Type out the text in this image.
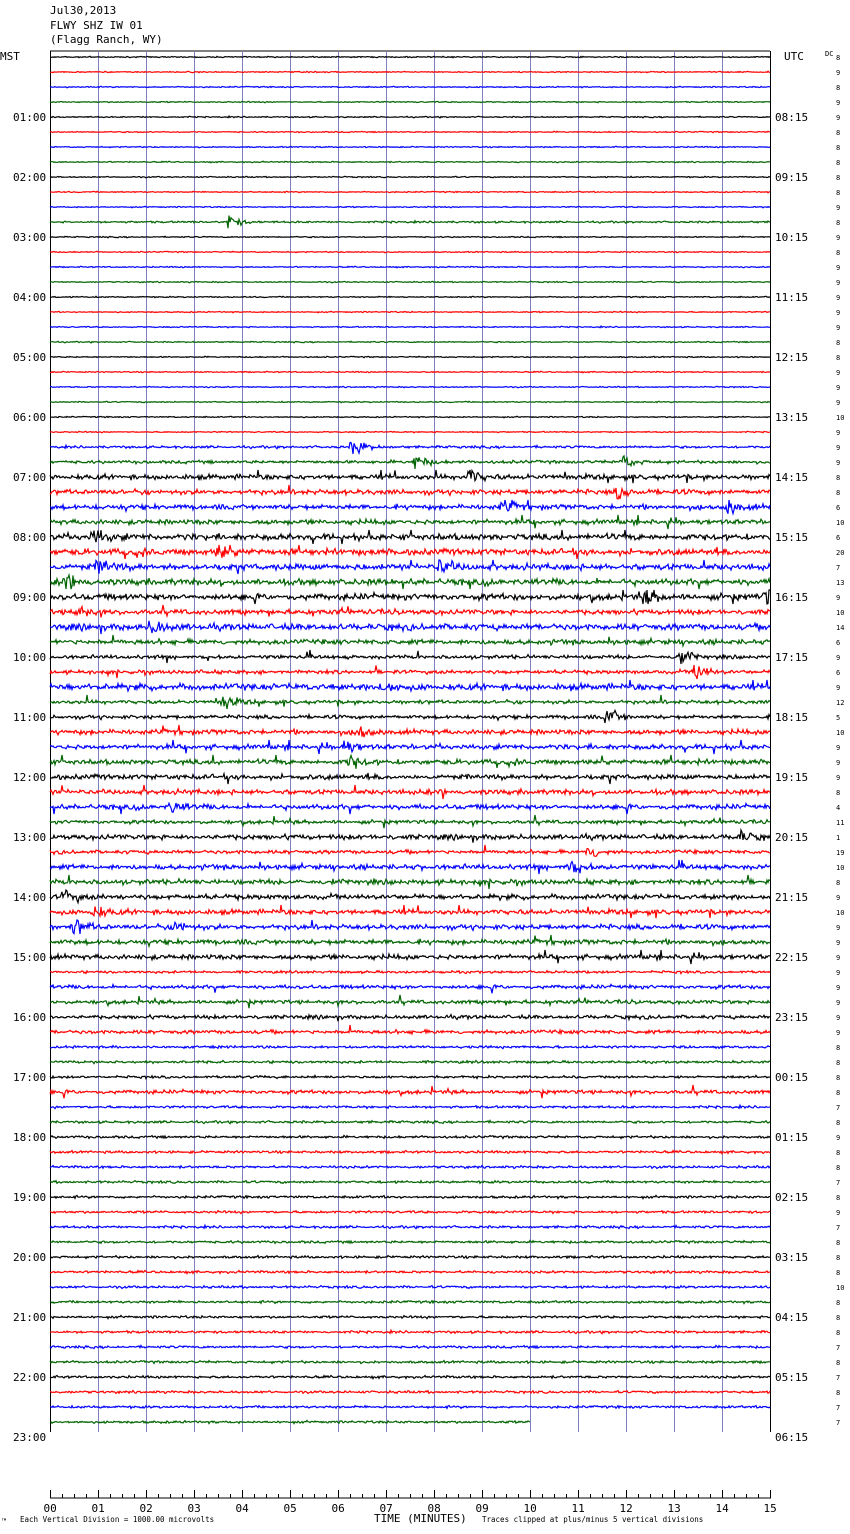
Jul30,2013
FLWY SHZ IW 01
(Flagg Ranch, WY)
MST	UTC	DC
01:00
02:00
03:00
04:00
05:00
06:00
07:00
08:00
09:00
10:00
11:00
12:00
13:00
14:00
15:00
16:00
17:00
18:00
19:00
20:00
21:00
22:00
23:00
08:15
09:15
10:15
11:15
12:15
13:15
14:15
15:15
16:15
17:15
18:15
19:15
20:15
21:15
22:15
23:15
00:15
01:15
02:15
03:15
04:15
05:15
06:15
8
9
8
9
9
8
8
8
8
8
9
8
9
8
9
9
9
9
9
8
8
9
9
9
10
9
9
9
8
8
6
10
6
20
7
13
9
10
14
6
9
6
9
12
5
10
9
9
9
8
4
11
1
19
10
8
9
10
9
9
9
9
9
9
9
9
8
8
8
8
7
8
9
8
8
7
8
9
7
8
8
8
10
8
8
8
7
8
7
8
7
7
00	01	02	03	04	05	06	07	08	09	10	11	12	13	14	15
™ Each Vertical Division = 1000.00 microvolts	TIME (MINUTES) Traces clipped at plus/minus 5 vertical divisions
